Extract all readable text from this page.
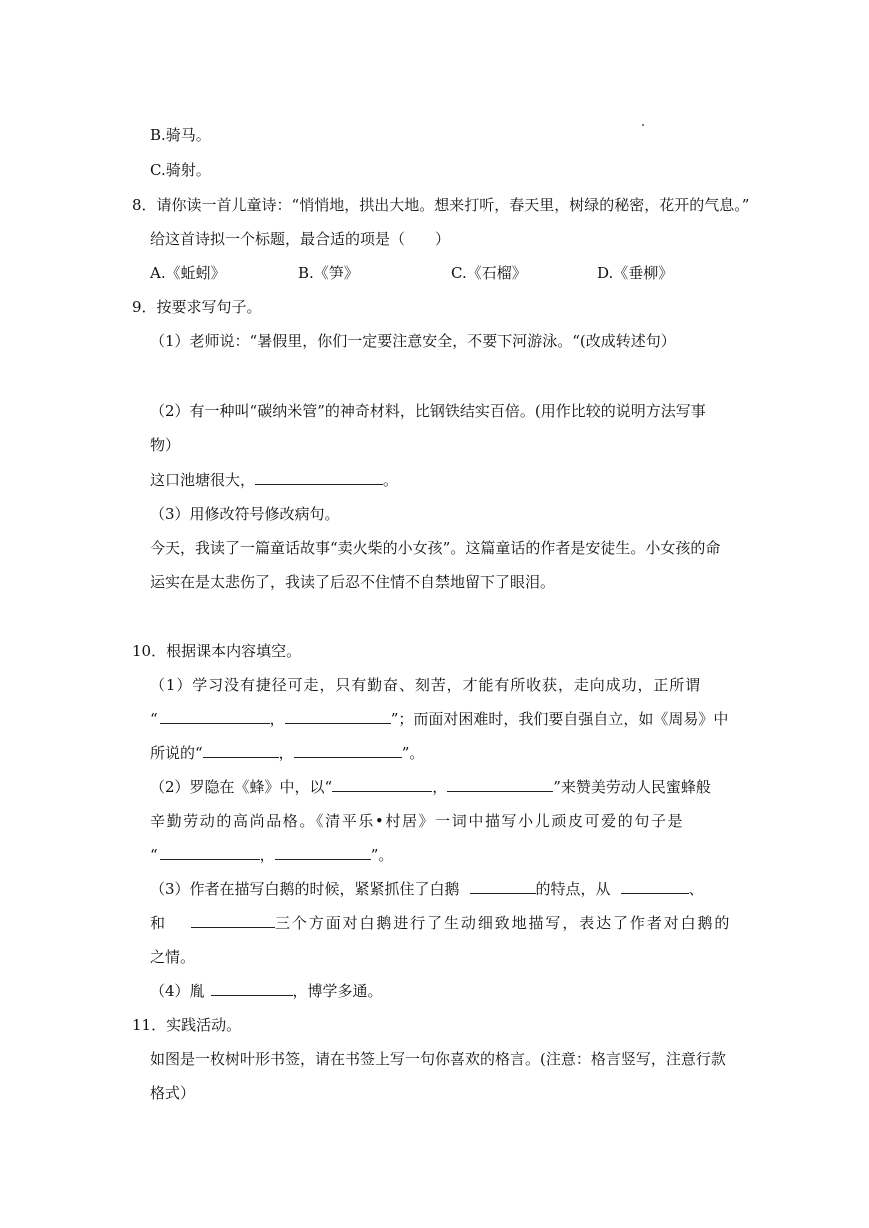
B.骑马。
C.骑射。
8．请你读一首儿童诗：“悄悄地，拱出大地。想来打听，春天里，树绿的秘密，花开的气息。”
给这首诗拟一个标题，最合适的项是（　　）
A.《蚯蚓》	B.《笋》	C.《石榴》	D.《垂柳》
9．按要求写句子。
（1）老师说：“暑假里，你们一定要注意安全，不要下河游泳。“(改成转述句）
（2）有一种叫“碳纳米管”的神奇材料，比钢铁结实百倍。(用作比较的说明方法写事
物）
这口池塘很大，	。
（3）用修改符号修改病句。
今天，我读了一篇童话故事“卖火柴的小女孩”。这篇童话的作者是安徒生。小女孩的命
运实在是太悲伤了，我读了后忍不住情不自禁地留下了眼泪。
10．根据课本内容填空。
（1）学习没有捷径可走，只有勤奋、刻苦，才能有所收获，走向成功，正所谓
“	，	”；而面对困难时，我们要自强自立，如《周易》中
所说的“	，	”。
（2）罗隐在《蜂》中，以“	，	”来赞美劳动人民蜜蜂般
辛勤劳动的高尚品格。《清平乐•村居》一词中描写小儿顽皮可爱的句子是
“	，	”。
（3）作者在描写白鹅的时候，紧紧抓住了白鹅	的特点，从	、
和	三个方面对白鹅进行了生动细致地描写，表达了作者对白鹅的
之情。
（4）胤	，博学多通。
11．实践活动。
如图是一枚树叶形书签，请在书签上写一句你喜欢的格言。(注意：格言竖写，注意行款
格式）
